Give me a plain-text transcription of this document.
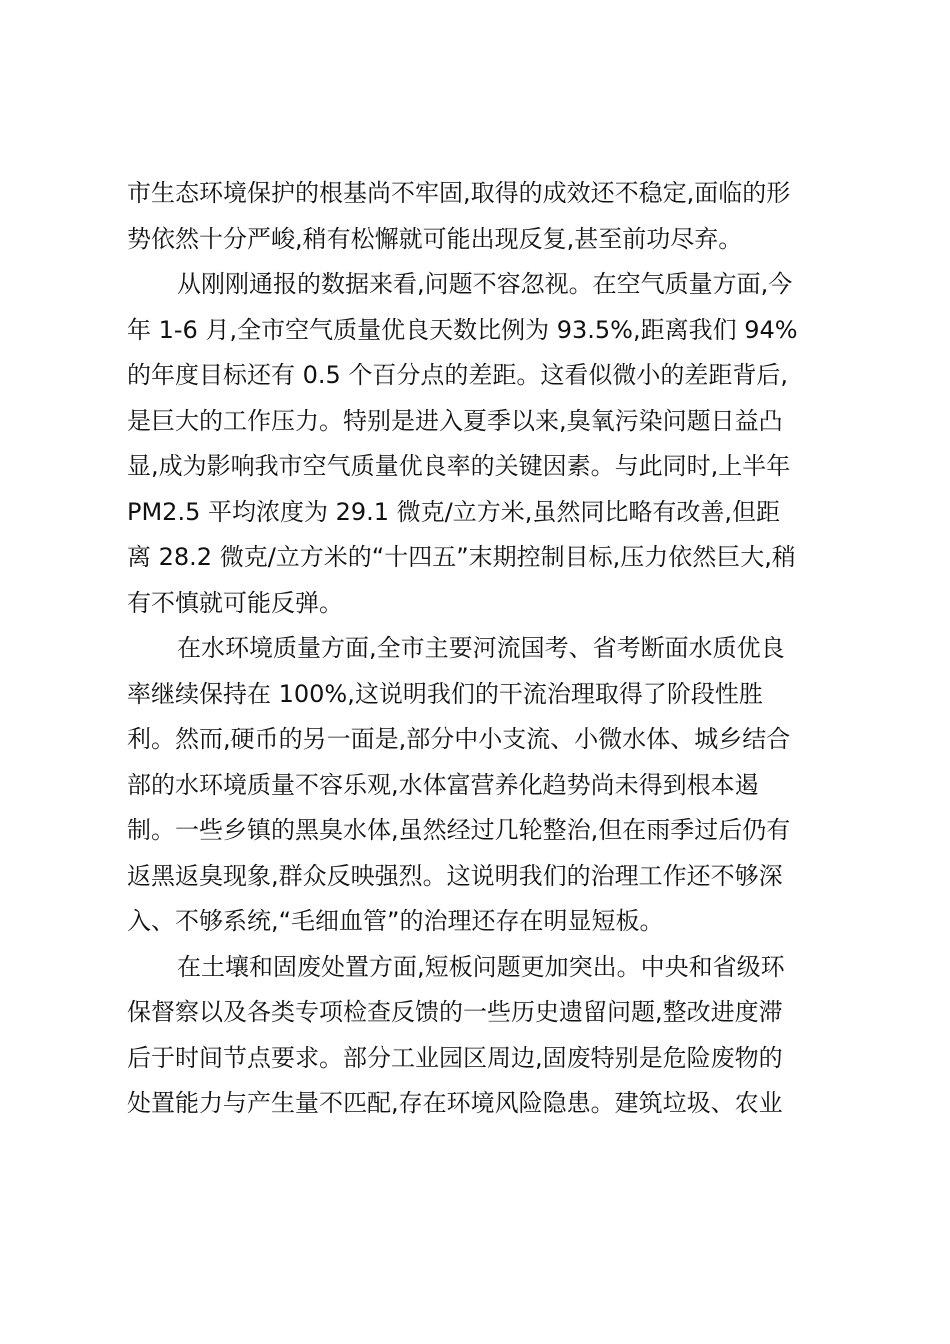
市生态环境保护的根基尚不牢固,取得的成效还不稳定,面临的形
势依然十分严峻,稍有松懈就可能出现反复,甚至前功尽弃。
从刚刚通报的数据来看,问题不容忽视。在空气质量方面,今
年 1-6 月,全市空气质量优良天数比例为 93.5%,距离我们 94%
的年度目标还有 0.5 个百分点的差距。这看似微小的差距背后,
是巨大的工作压力。特别是进入夏季以来,臭氧污染问题日益凸
显,成为影响我市空气质量优良率的关键因素。与此同时,上半年
PM2.5 平均浓度为 29.1 微克/立方米,虽然同比略有改善,但距
离 28.2 微克/立方米的“十四五”末期控制目标,压力依然巨大,稍
有不慎就可能反弹。
在水环境质量方面,全市主要河流国考、省考断面水质优良
率继续保持在 100%,这说明我们的干流治理取得了阶段性胜
利。然而,硬币的另一面是,部分中小支流、小微水体、城乡结合
部的水环境质量不容乐观,水体富营养化趋势尚未得到根本遏
制。一些乡镇的黑臭水体,虽然经过几轮整治,但在雨季过后仍有
返黑返臭现象,群众反映强烈。这说明我们的治理工作还不够深
入、不够系统,“毛细血管”的治理还存在明显短板。
在土壤和固废处置方面,短板问题更加突出。中央和省级环
保督察以及各类专项检查反馈的一些历史遗留问题,整改进度滞
后于时间节点要求。部分工业园区周边,固废特别是危险废物的
处置能力与产生量不匹配,存在环境风险隐患。建筑垃圾、农业
